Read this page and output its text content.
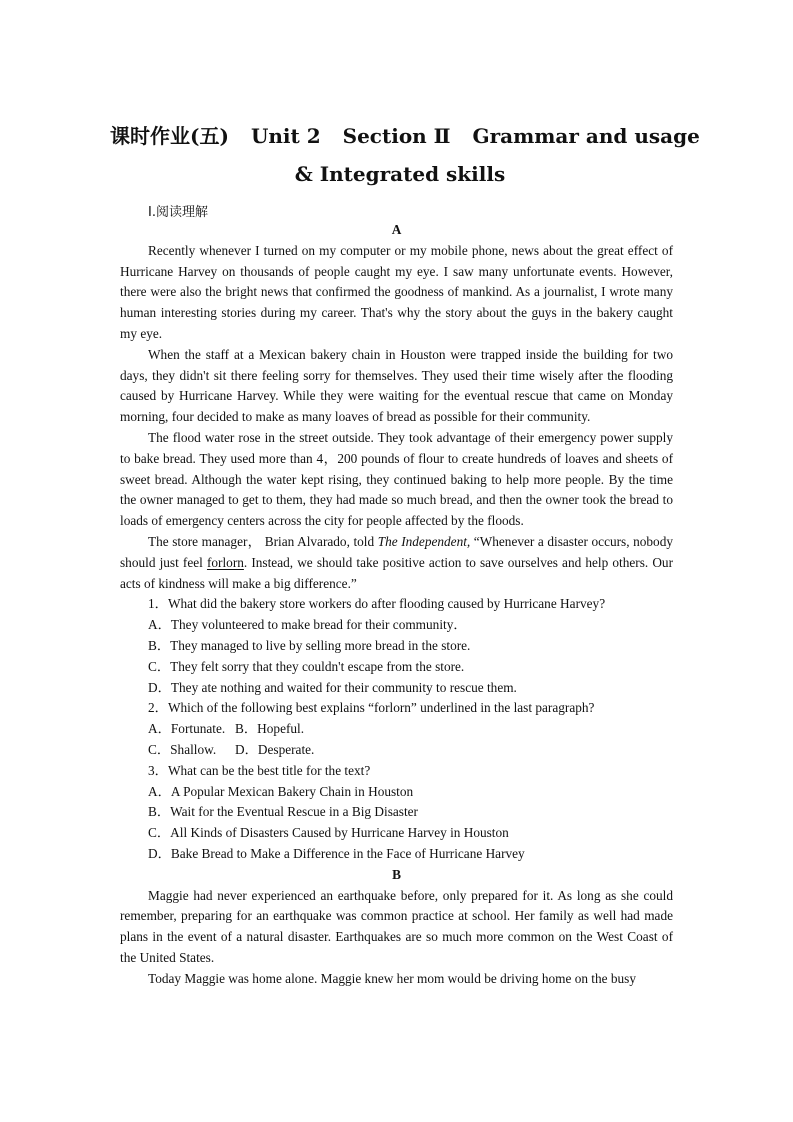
课时作业(五) Unit 2 Section Ⅱ Grammar and usage
& Integrated skills
Ⅰ.阅读理解
A

Recently whenever I turned on my computer or my mobile phone, news about the great effect of Hurricane Harvey on thousands of people caught my eye. I saw many unfortunate events. However, there were also the bright news that confirmed the goodness of mankind. As a journalist, I wrote many human interesting stories during my career. That's why the story about the guys in the bakery caught my eye.

When the staff at a Mexican bakery chain in Houston were trapped inside the building for two days, they didn't sit there feeling sorry for themselves. They used their time wisely after the flooding caused by Hurricane Harvey. While they were waiting for the eventual rescue that came on Monday morning, four decided to make as many loaves of bread as possible for their community.

The flood water rose in the street outside. They took advantage of their emergency power supply to bake bread. They used more than 4，200 pounds of flour to create hundreds of loaves and sheets of sweet bread. Although the water kept rising, they continued baking to help more people. By the time the owner managed to get to them, they had made so much bread, and then the owner took the bread to loads of emergency centers across the city for people affected by the floods.

The store manager， Brian Alvarado, told The Independent, “Whenever a disaster occurs, nobody should just feel forlorn. Instead, we should take positive action to save ourselves and help others. Our acts of kindness will make a big difference.”

1．What did the bakery store workers do after flooding caused by Hurricane Harvey?

A．They volunteered to make bread for their community．

B．They managed to live by selling more bread in the store.

C．They felt sorry that they couldn't escape from the store.

D．They ate nothing and waited for their community to rescue them.

2．Which of the following best explains “forlorn” underlined in the last paragraph?

A．Fortunate. B．Hopeful.

C．Shallow. D．Desperate.

3．What can be the best title for the text?

A．A Popular Mexican Bakery Chain in Houston

B．Wait for the Eventual Rescue in a Big Disaster

C．All Kinds of Disasters Caused by Hurricane Harvey in Houston

D．Bake Bread to Make a Difference in the Face of Hurricane Harvey

B

Maggie had never experienced an earthquake before, only prepared for it. As long as she could remember, preparing for an earthquake was common practice at school. Her family as well had made plans in the event of a natural disaster. Earthquakes are so much more common on the West Coast of the United States.

Today Maggie was home alone. Maggie knew her mom would be driving home on the busy
